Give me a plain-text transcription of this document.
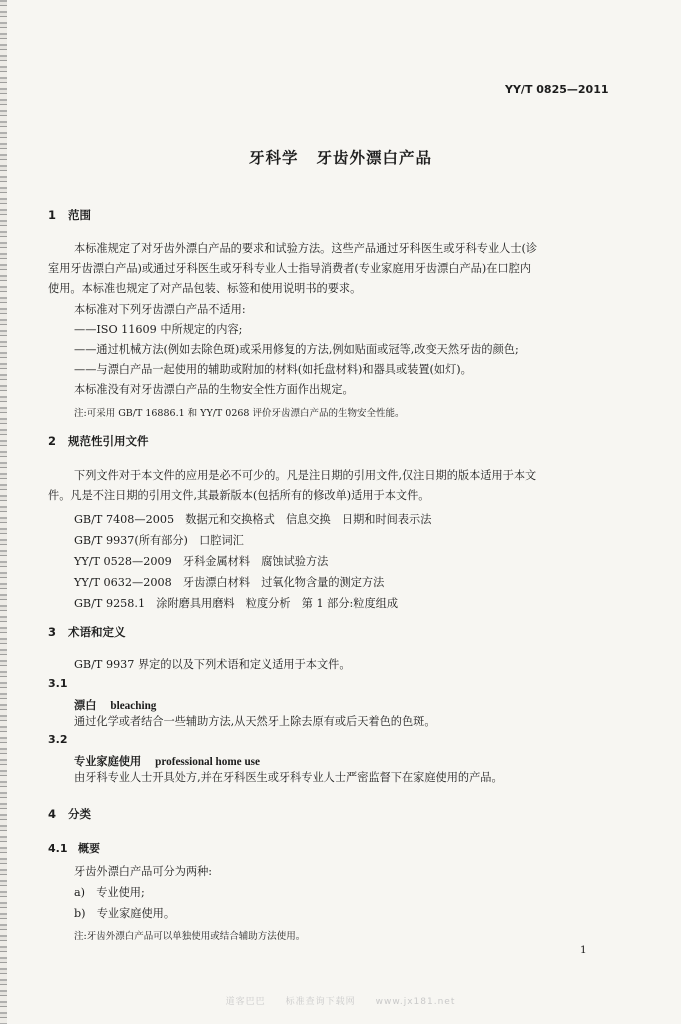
YY/T 0825—2011
牙科学 牙齿外漂白产品
1 范围
本标准规定了对牙齿外漂白产品的要求和试验方法。这些产品通过牙科医生或牙科专业人士(诊
室用牙齿漂白产品)或通过牙科医生或牙科专业人士指导消费者(专业家庭用牙齿漂白产品)在口腔内
使用。本标准也规定了对产品包装、标签和使用说明书的要求。
本标准对下列牙齿漂白产品不适用:
——ISO 11609 中所规定的内容;
——通过机械方法(例如去除色斑)或采用修复的方法,例如贴面或冠等,改变天然牙齿的颜色;
——与漂白产品一起使用的辅助或附加的材料(如托盘材料)和器具或装置(如灯)。
本标准没有对牙齿漂白产品的生物安全性方面作出规定。
注:可采用 GB/T 16886.1 和 YY/T 0268 评价牙齿漂白产品的生物安全性能。
2 规范性引用文件
下列文件对于本文件的应用是必不可少的。凡是注日期的引用文件,仅注日期的版本适用于本文
件。凡是不注日期的引用文件,其最新版本(包括所有的修改单)适用于本文件。
GB/T 7408—2005　数据元和交换格式　信息交换　日期和时间表示法
GB/T 9937(所有部分)　口腔词汇
YY/T 0528—2009　牙科金属材料　腐蚀试验方法
YY/T 0632—2008　牙齿漂白材料　过氧化物含量的测定方法
GB/T 9258.1　涂附磨具用磨料　粒度分析　第 1 部分:粒度组成
3 术语和定义
GB/T 9937 界定的以及下列术语和定义适用于本文件。
3.1
漂白 bleaching
通过化学或者结合一些辅助方法,从天然牙上除去原有或后天着色的色斑。
3.2
专业家庭使用 professional home use
由牙科专业人士开具处方,并在牙科医生或牙科专业人士严密监督下在家庭使用的产品。
4 分类
4.1 概要
牙齿外漂白产品可分为两种:
a)　专业使用;
b)　专业家庭使用。
注:牙齿外漂白产品可以单独使用或结合辅助方法使用。
1
道客巴巴　　标准查询下载网　　www.jx181.net
